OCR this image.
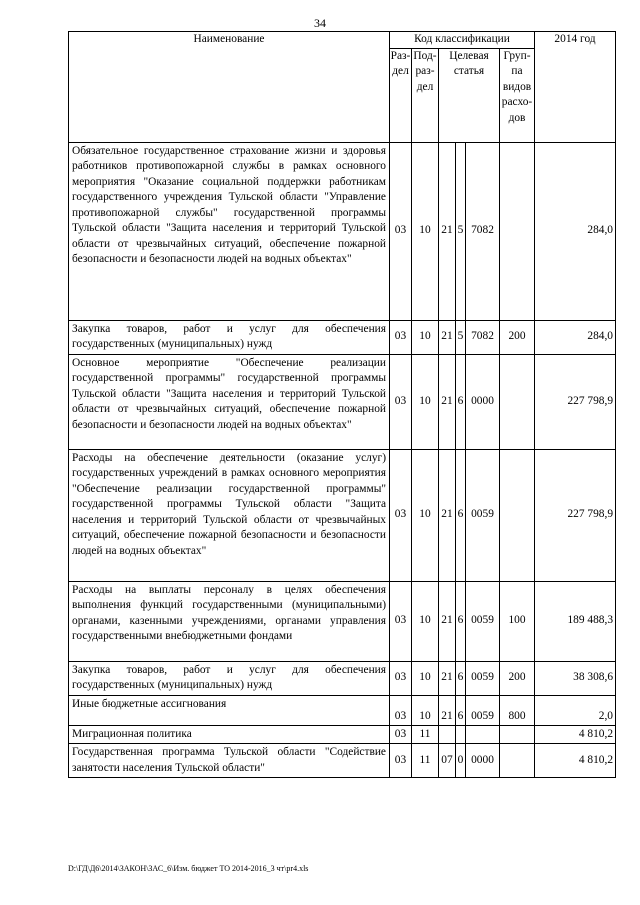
34
Наименование	Код классификации						2014 год
	Раз-дел	Под-раз-дел	Целевая статья			Груп-па видов расхо-дов	
Обязательное государственное страхование жизни и здоровья работников противопожарной службы в рамках основного мероприятия "Оказание социальной поддержки работникам государственного учреждения Тульской области "Управление противопожарной службы" государственной программы Тульской области "Защита населения и территорий Тульской области от чрезвычайных ситуаций, обеспечение пожарной безопасности и безопасности людей на водных объектах"	03	10	21	5	7082		284,0
Закупка товаров, работ и услуг для обеспечения государственных (муниципальных) нужд	03	10	21	5	7082	200	284,0
Основное мероприятие "Обеспечение реализации государственной программы" государственной программы Тульской области "Защита населения и территорий Тульской области от чрезвычайных ситуаций, обеспечение пожарной безопасности и безопасности людей на водных объектах"	03	10	21	6	0000		227 798,9
Расходы на обеспечение деятельности (оказание услуг) государственных учреждений в рамках основного мероприятия "Обеспечение реализации государственной программы" государственной программы Тульской области "Защита населения и территорий Тульской области от чрезвычайных ситуаций, обеспечение пожарной безопасности и безопасности людей на водных объектах"	03	10	21	6	0059		227 798,9
Расходы на выплаты персоналу в целях обеспечения выполнения функций государственными (муниципальными) органами, казенными учреждениями, органами управления государственными внебюджетными фондами	03	10	21	6	0059	100	189 488,3
Закупка товаров, работ и услуг для обеспечения государственных (муниципальных) нужд	03	10	21	6	0059	200	38 308,6
Иные бюджетные ассигнования	03	10	21	6	0059	800	2,0
Миграционная политика	03	11					4 810,2
Государственная программа Тульской области "Содействие занятости населения Тульской области"	03	11	07	0	0000		4 810,2
D:\ГД\Д6\2014\ЗАКОН\ЗАС_6\Изм. бюджет ТО 2014-2016_3 чт\pr4.xls
